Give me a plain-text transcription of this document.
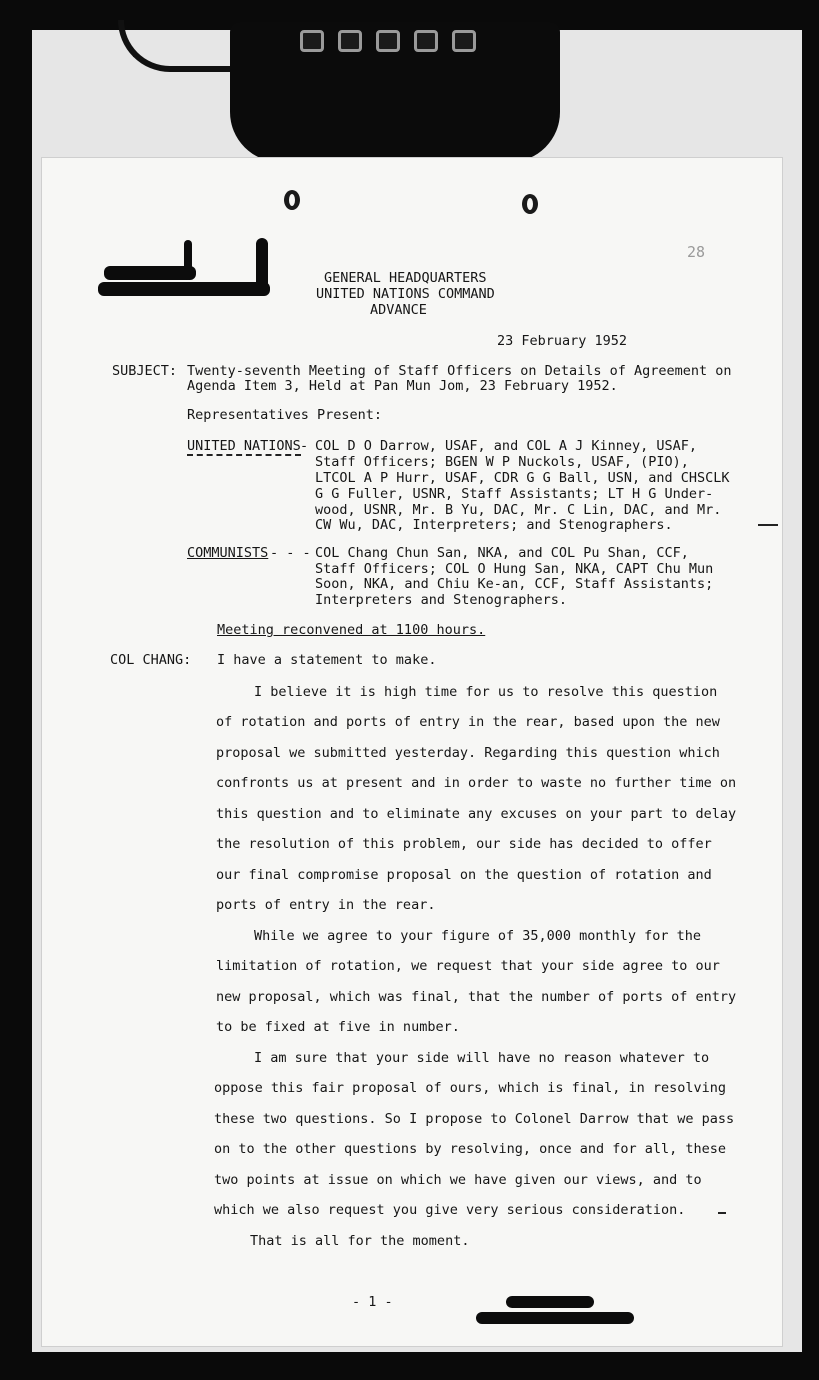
28
GENERAL HEADQUARTERS
UNITED NATIONS COMMAND
ADVANCE
23 February 1952
SUBJECT: Twenty-seventh Meeting of Staff Officers on Details of Agreement on
Agenda Item 3, Held at Pan Mun Jom, 23 February 1952.
Representatives Present:
UNITED NATIONS - COL D O Darrow, USAF, and COL A J Kinney, USAF,
Staff Officers; BGEN W P Nuckols, USAF, (PIO),
LTCOL A P Hurr, USAF, CDR G G Ball, USN, and CHSCLK
G G Fuller, USNR, Staff Assistants; LT H G Under-
wood, USNR, Mr. B Yu, DAC, Mr. C Lin, DAC, and Mr.
CW Wu, DAC, Interpreters; and Stenographers.
COMMUNISTS - - - COL Chang Chun San, NKA, and COL Pu Shan, CCF,
Staff Officers; COL O Hung San, NKA, CAPT Chu Mun
Soon, NKA, and Chiu Ke-an, CCF, Staff Assistants;
Interpreters and Stenographers.
Meeting reconvened at 1100 hours.
COL CHANG: I have a statement to make.
I believe it is high time for us to resolve this question
of rotation and ports of entry in the rear, based upon the new
proposal we submitted yesterday. Regarding this question which
confronts us at present and in order to waste no further time on
this question and to eliminate any excuses on your part to delay
the resolution of this problem, our side has decided to offer
our final compromise proposal on the question of rotation and
ports of entry in the rear.
While we agree to your figure of 35,000 monthly for the
limitation of rotation, we request that your side agree to our
new proposal, which was final, that the number of ports of entry
to be fixed at five in number.
I am sure that your side will have no reason whatever to
oppose this fair proposal of ours, which is final, in resolving
these two questions. So I propose to Colonel Darrow that we pass
on to the other questions by resolving, once and for all, these
two points at issue on which we have given our views, and to
which we also request you give very serious consideration.
That is all for the moment.
- 1 -
